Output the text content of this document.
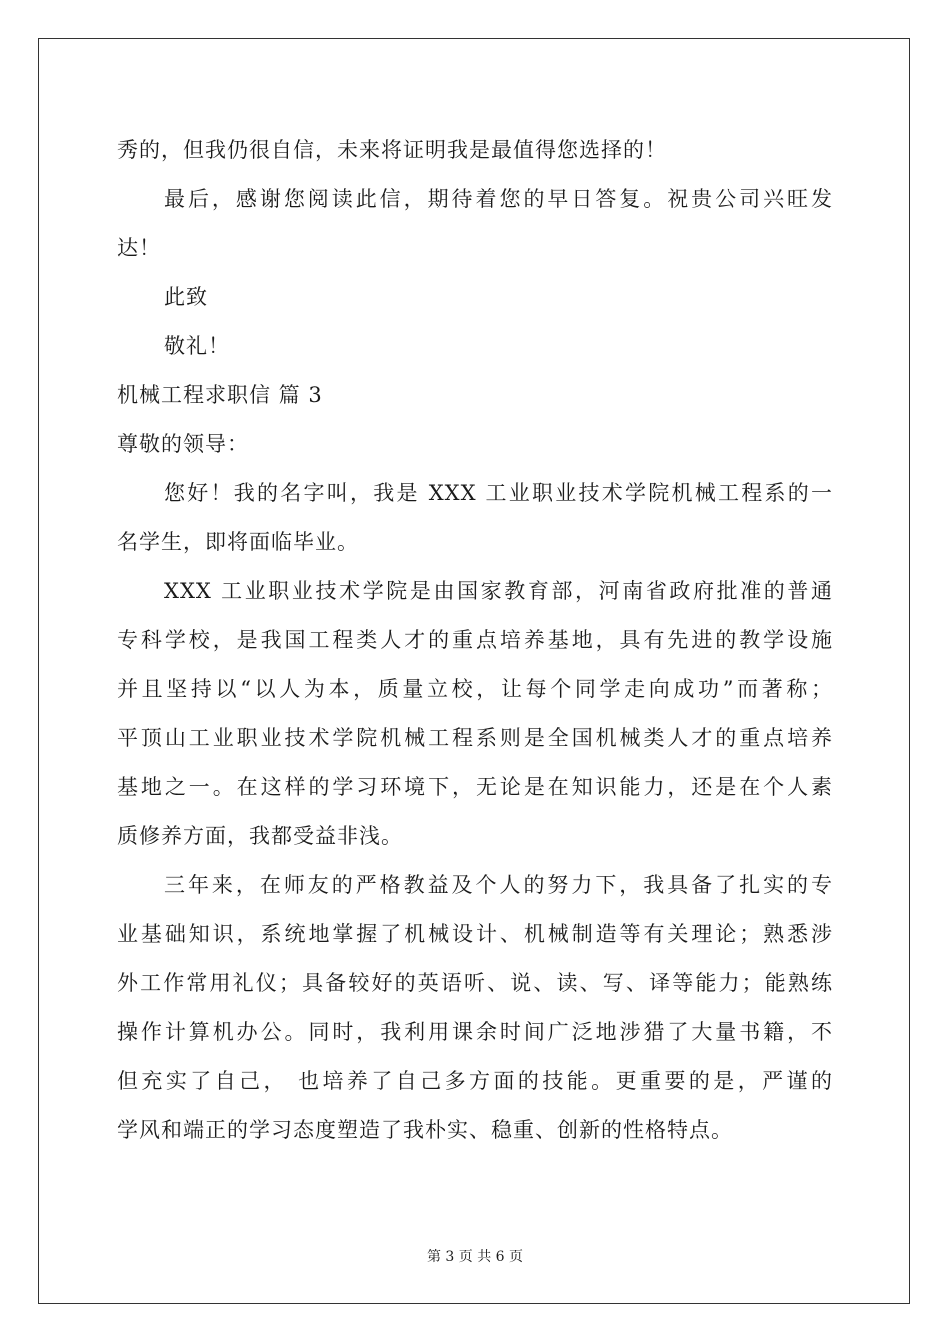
秀的，但我仍很自信，未来将证明我是最值得您选择的！
最后，感谢您阅读此信，期待着您的早日答复。祝贵公司兴旺发
达！
此致
敬礼！
机械工程求职信 篇 3
尊敬的领导：
您好！我的名字叫，我是 XXX 工业职业技术学院机械工程系的一
名学生，即将面临毕业。
XXX 工业职业技术学院是由国家教育部，河南省政府批准的普通
专科学校，是我国工程类人才的重点培养基地，具有先进的教学设施
并且坚持以“以人为本，质量立校，让每个同学走向成功”而著称；
平顶山工业职业技术学院机械工程系则是全国机械类人才的重点培养
基地之一。在这样的学习环境下，无论是在知识能力，还是在个人素
质修养方面，我都受益非浅。
三年来，在师友的严格教益及个人的努力下，我具备了扎实的专
业基础知识，系统地掌握了机械设计、机械制造等有关理论；熟悉涉
外工作常用礼仪；具备较好的英语听、说、读、写、译等能力；能熟练
操作计算机办公。同时，我利用课余时间广泛地涉猎了大量书籍，不
但充实了自己， 也培养了自己多方面的技能。更重要的是，严谨的
学风和端正的学习态度塑造了我朴实、稳重、创新的性格特点。
第 3 页 共 6 页
